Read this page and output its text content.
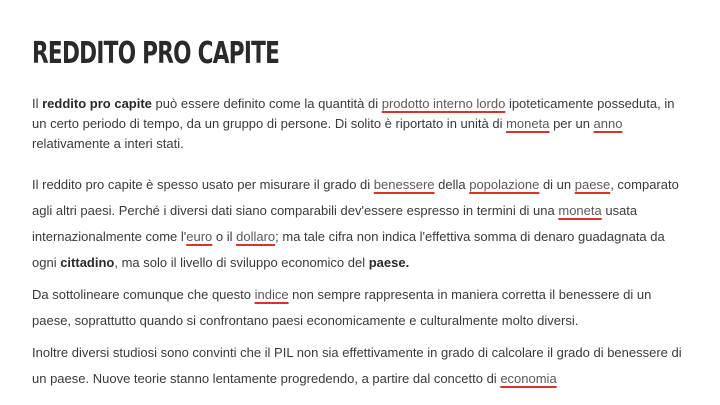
REDDITO PRO CAPITE

Il reddito pro capite può essere definito come la quantità di prodotto interno lordo ipoteticamente posseduta, in un certo periodo di tempo, da un gruppo di persone. Di solito è riportato in unità di moneta per un anno relativamente a interi stati.

Il reddito pro capite è spesso usato per misurare il grado di benessere della popolazione di un paese, comparato agli altri paesi. Perché i diversi dati siano comparabili dev'essere espresso in termini di una moneta usata internazionalmente come l'euro o il dollaro; ma tale cifra non indica l'effettiva somma di denaro guadagnata da ogni cittadino, ma solo il livello di sviluppo economico del paese.

Da sottolineare comunque che questo indice non sempre rappresenta in maniera corretta il benessere di un paese, soprattutto quando si confrontano paesi economicamente e culturalmente molto diversi.

Inoltre diversi studiosi sono convinti che il PIL non sia effettivamente in grado di calcolare il grado di benessere di un paese. Nuove teorie stanno lentamente progredendo, a partire dal concetto di economia
